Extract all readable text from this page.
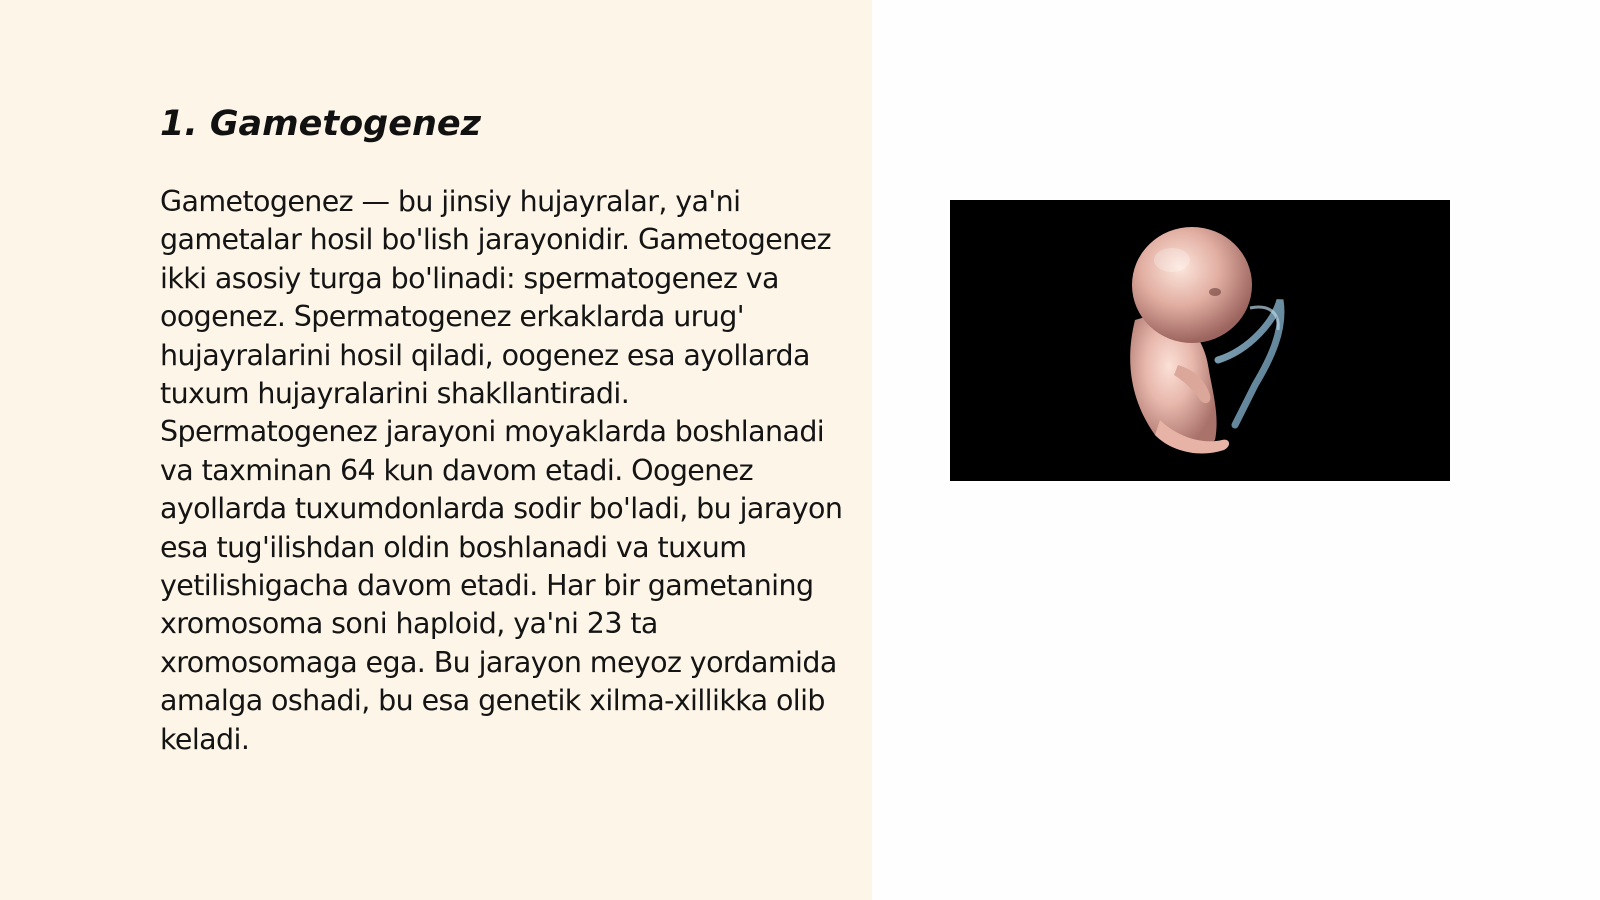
1. Gametogenez

Gametogenez — bu jinsiy hujayralar, ya'ni gametalar hosil bo'lish jarayonidir. Gametogenez ikki asosiy turga bo'linadi: spermatogenez va oogenez. Spermatogenez erkaklarda urug' hujayralarini hosil qiladi, oogenez esa ayollarda tuxum hujayralarini shakllantiradi. Spermatogenez jarayoni moyaklarda boshlanadi va taxminan 64 kun davom etadi. Oogenez ayollarda tuxumdonlarda sodir bo'ladi, bu jarayon esa tug'ilishdan oldin boshlanadi va tuxum yetilishigacha davom etadi. Har bir gametaning xromosoma soni haploid, ya'ni 23 ta xromosomaga ega. Bu jarayon meyoz yordamida amalga oshadi, bu esa genetik xilma-xillikka olib keladi.
